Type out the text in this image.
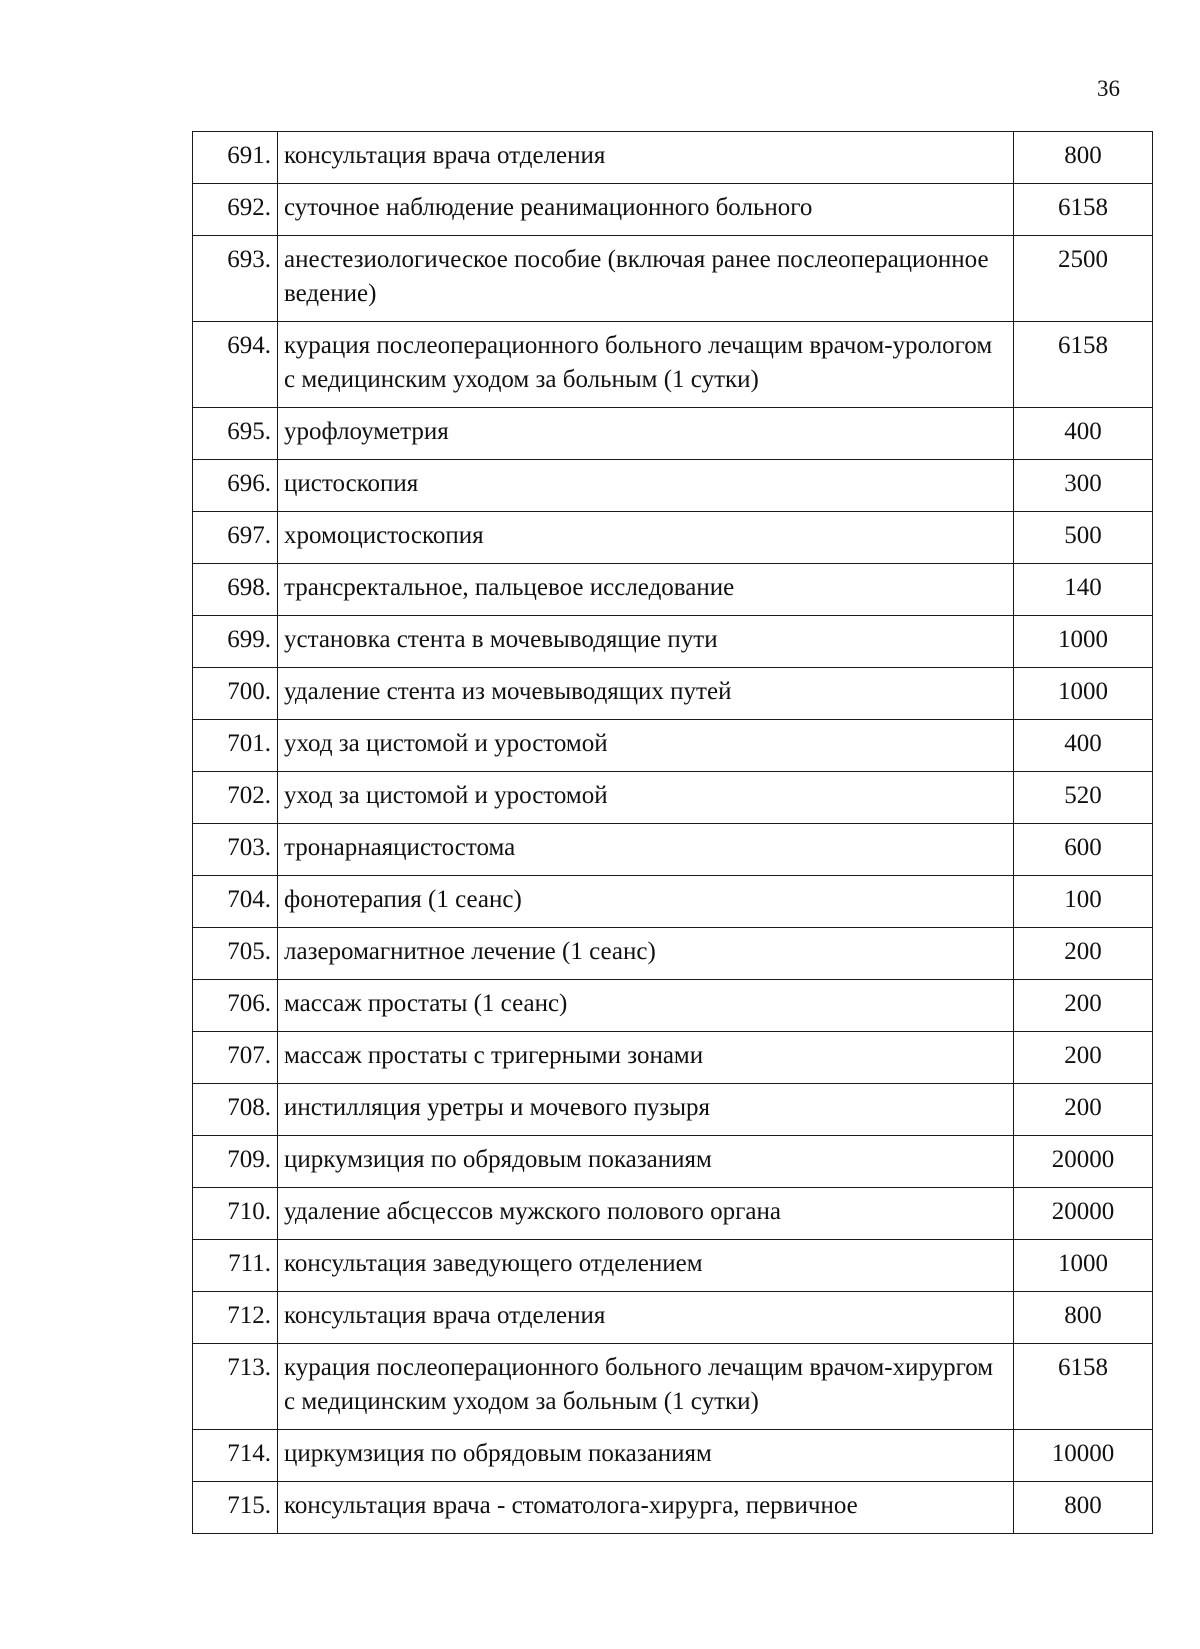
36
691.	консультация врача отделения	800
692.	суточное наблюдение реанимационного больного	6158
693.	анестезиологическое пособие (включая ранее послеоперационное ведение)	2500
694.	курация послеоперационного больного лечащим врачом-урологом с медицинским уходом за больным (1 сутки)	6158
695.	урофлоуметрия	400
696.	цистоскопия	300
697.	хромоцистоскопия	500
698.	трансректальное, пальцевое исследование	140
699.	установка стента в мочевыводящие пути	1000
700.	удаление стента из мочевыводящих путей	1000
701.	уход за цистомой и уростомой	400
702.	уход за цистомой и уростомой	520
703.	тронарнаяцистостома	600
704.	фонотерапия (1 сеанс)	100
705.	лазеромагнитное лечение (1 сеанс)	200
706.	массаж простаты (1 сеанс)	200
707.	массаж простаты с тригерными зонами	200
708.	инстилляция уретры и мочевого пузыря	200
709.	циркумзиция по обрядовым показаниям	20000
710.	удаление абсцессов мужского полового органа	20000
711.	консультация заведующего отделением	1000
712.	консультация врача отделения	800
713.	курация послеоперационного больного лечащим врачом-хирургом с медицинским уходом за больным (1 сутки)	6158
714.	циркумзиция по обрядовым показаниям	10000
715.	консультация врача - стоматолога-хирурга, первичное	800
